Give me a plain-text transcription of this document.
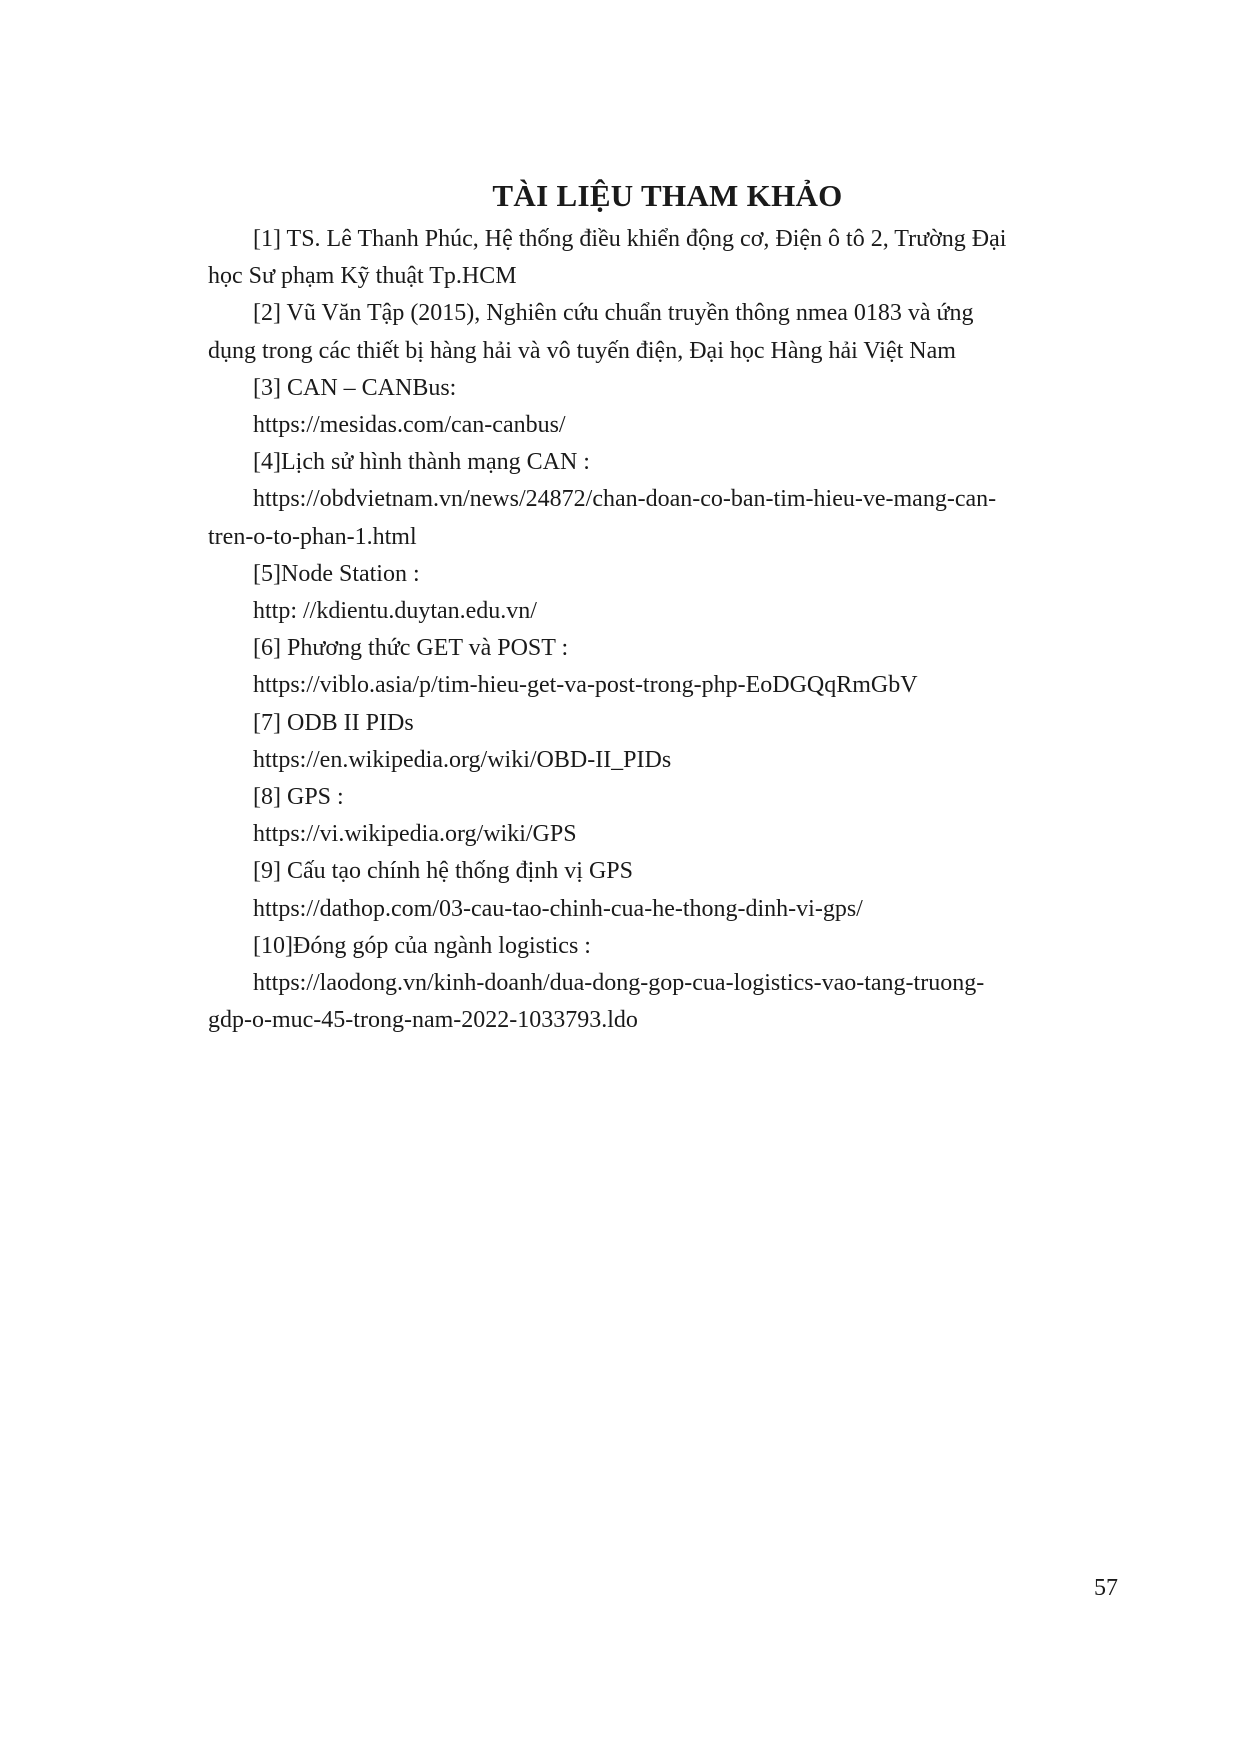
TÀI LIỆU THAM KHẢO
[1] TS. Lê Thanh Phúc, Hệ thống điều khiển động cơ, Điện ô tô 2, Trường Đại
học Sư phạm Kỹ thuật Tp.HCM
[2] Vũ Văn Tập (2015), Nghiên cứu chuẩn truyền thông nmea 0183 và ứng
dụng trong các thiết bị hàng hải và vô tuyến điện, Đại học Hàng hải Việt Nam
[3] CAN – CANBus:
https://mesidas.com/can-canbus/
[4]Lịch sử hình thành mạng CAN :
https://obdvietnam.vn/news/24872/chan-doan-co-ban-tim-hieu-ve-mang-can-
tren-o-to-phan-1.html
[5]Node Station :
http: //kdientu.duytan.edu.vn/
[6] Phương thức GET và POST :
https://viblo.asia/p/tim-hieu-get-va-post-trong-php-EoDGQqRmGbV
[7] ODB II PIDs
https://en.wikipedia.org/wiki/OBD-II_PIDs
[8] GPS :
https://vi.wikipedia.org/wiki/GPS
[9] Cấu tạo chính hệ thống định vị GPS
https://dathop.com/03-cau-tao-chinh-cua-he-thong-dinh-vi-gps/
[10]Đóng góp của ngành logistics :
https://laodong.vn/kinh-doanh/dua-dong-gop-cua-logistics-vao-tang-truong-
gdp-o-muc-45-trong-nam-2022-1033793.ldo
57
